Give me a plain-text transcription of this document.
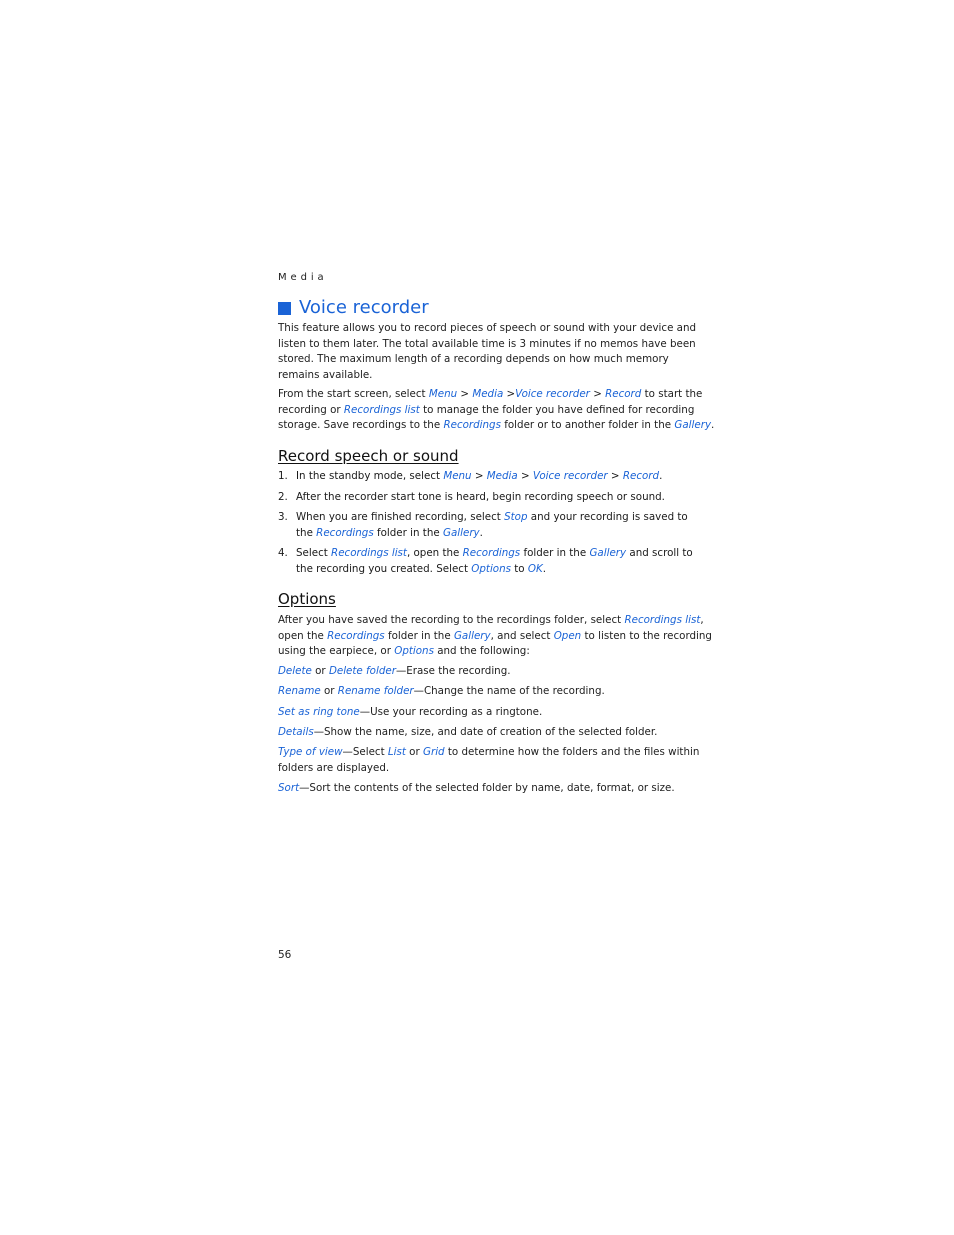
Media
Voice recorder
This feature allows you to record pieces of speech or sound with your device and
listen to them later. The total available time is 3 minutes if no memos have been
stored. The maximum length of a recording depends on how much memory
remains available.
From the start screen, select Menu > Media >Voice recorder > Record to start the
recording or Recordings list to manage the folder you have defined for recording
storage. Save recordings to the Recordings folder or to another folder in the Gallery.
Record speech or sound
1. In the standby mode, select Menu > Media > Voice recorder > Record.
2. After the recorder start tone is heard, begin recording speech or sound.
3. When you are finished recording, select Stop and your recording is saved to
the Recordings folder in the Gallery.
4. Select Recordings list, open the Recordings folder in the Gallery and scroll to
the recording you created. Select Options to OK.
Options
After you have saved the recording to the recordings folder, select Recordings list,
open the Recordings folder in the Gallery, and select Open to listen to the recording
using the earpiece, or Options and the following:
Delete or Delete folder—Erase the recording.
Rename or Rename folder—Change the name of the recording.
Set as ring tone—Use your recording as a ringtone.
Details—Show the name, size, and date of creation of the selected folder.
Type of view—Select List or Grid to determine how the folders and the files within
folders are displayed.
Sort—Sort the contents of the selected folder by name, date, format, or size.
56
